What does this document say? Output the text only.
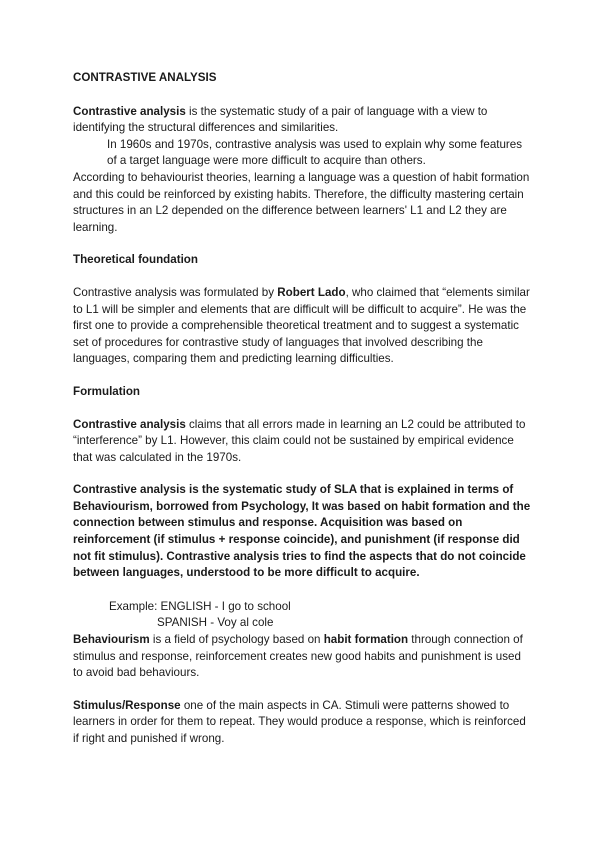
CONTRASTIVE ANALYSIS

Contrastive analysis is the systematic study of a pair of language with a view to identifying the structural differences and similarities.

In 1960s and 1970s, contrastive analysis was used to explain why some features of a target language were more difficult to acquire than others.

According to behaviourist theories, learning a language was a question of habit formation and this could be reinforced by existing habits. Therefore, the difficulty mastering certain structures in an L2 depended on the difference between learners' L1 and L2 they are learning.

Theoretical foundation

Contrastive analysis was formulated by Robert Lado, who claimed that “elements similar to L1 will be simpler and elements that are difficult will be difficult to acquire”. He was the first one to provide a comprehensible theoretical treatment and to suggest a systematic set of procedures for contrastive study of languages that involved describing the languages, comparing them and predicting learning difficulties.

Formulation

Contrastive analysis claims that all errors made in learning an L2 could be attributed to “interference” by L1. However, this claim could not be sustained by empirical evidence that was calculated in the 1970s.

Contrastive analysis is the systematic study of SLA that is explained in terms of Behaviourism, borrowed from Psychology, It was based on habit formation and the connection between stimulus and response. Acquisition was based on reinforcement (if stimulus + response coincide), and punishment (if response did not fit stimulus). Contrastive analysis tries to find the aspects that do not coincide between languages, understood to be more difficult to acquire.

Example: ENGLISH - I go to school
SPANISH - Voy al cole

Behaviourism is a field of psychology based on habit formation through connection of stimulus and response, reinforcement creates new good habits and punishment is used to avoid bad behaviours.

Stimulus/Response one of the main aspects in CA. Stimuli were patterns showed to learners in order for them to repeat. They would produce a response, which is reinforced if right and punished if wrong.
